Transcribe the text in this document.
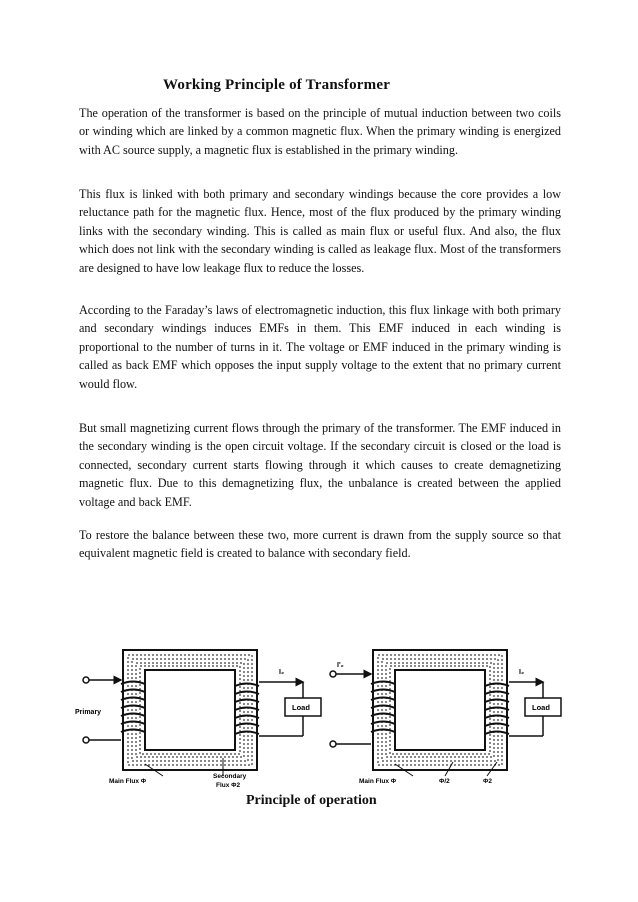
Working Principle of Transformer

The operation of the transformer is based on the principle of mutual induction between two coils or winding which are linked by a common magnetic flux. When the primary winding is energized with AC source supply, a magnetic flux is established in the primary winding.

This flux is linked with both primary and secondary windings because the core provides a low reluctance path for the magnetic flux. Hence, most of the flux produced by the primary winding links with the secondary winding. This is called as main flux or useful flux. And also, the flux which does not link with the secondary winding is called as leakage flux. Most of the transformers are designed to have low leakage flux to reduce the losses.

According to the Faraday’s laws of electromagnetic induction, this flux linkage with both primary and secondary windings induces EMFs in them. This EMF induced in each winding is proportional to the number of turns in it. The voltage or EMF induced in the primary winding is called as back EMF which opposes the input supply voltage to the extent that no primary current would flow.

But small magnetizing current flows through the primary of the transformer. The EMF induced in the secondary winding is the open circuit voltage. If the secondary circuit is closed or the load is connected, secondary current starts flowing through it which causes to create demagnetizing magnetic flux. Due to this demagnetizing flux, the unbalance is created between the applied voltage and back EMF.

To restore the balance between these two, more current is drawn from the supply source so that equivalent magnetic field is created to balance with secondary field.

Primary
I₂
Load
Main Flux Φ
Secondary
Flux Φ2
I'₂
I₂
Load
Main Flux Φ	Φ/2	Φ2
Principle of operation
